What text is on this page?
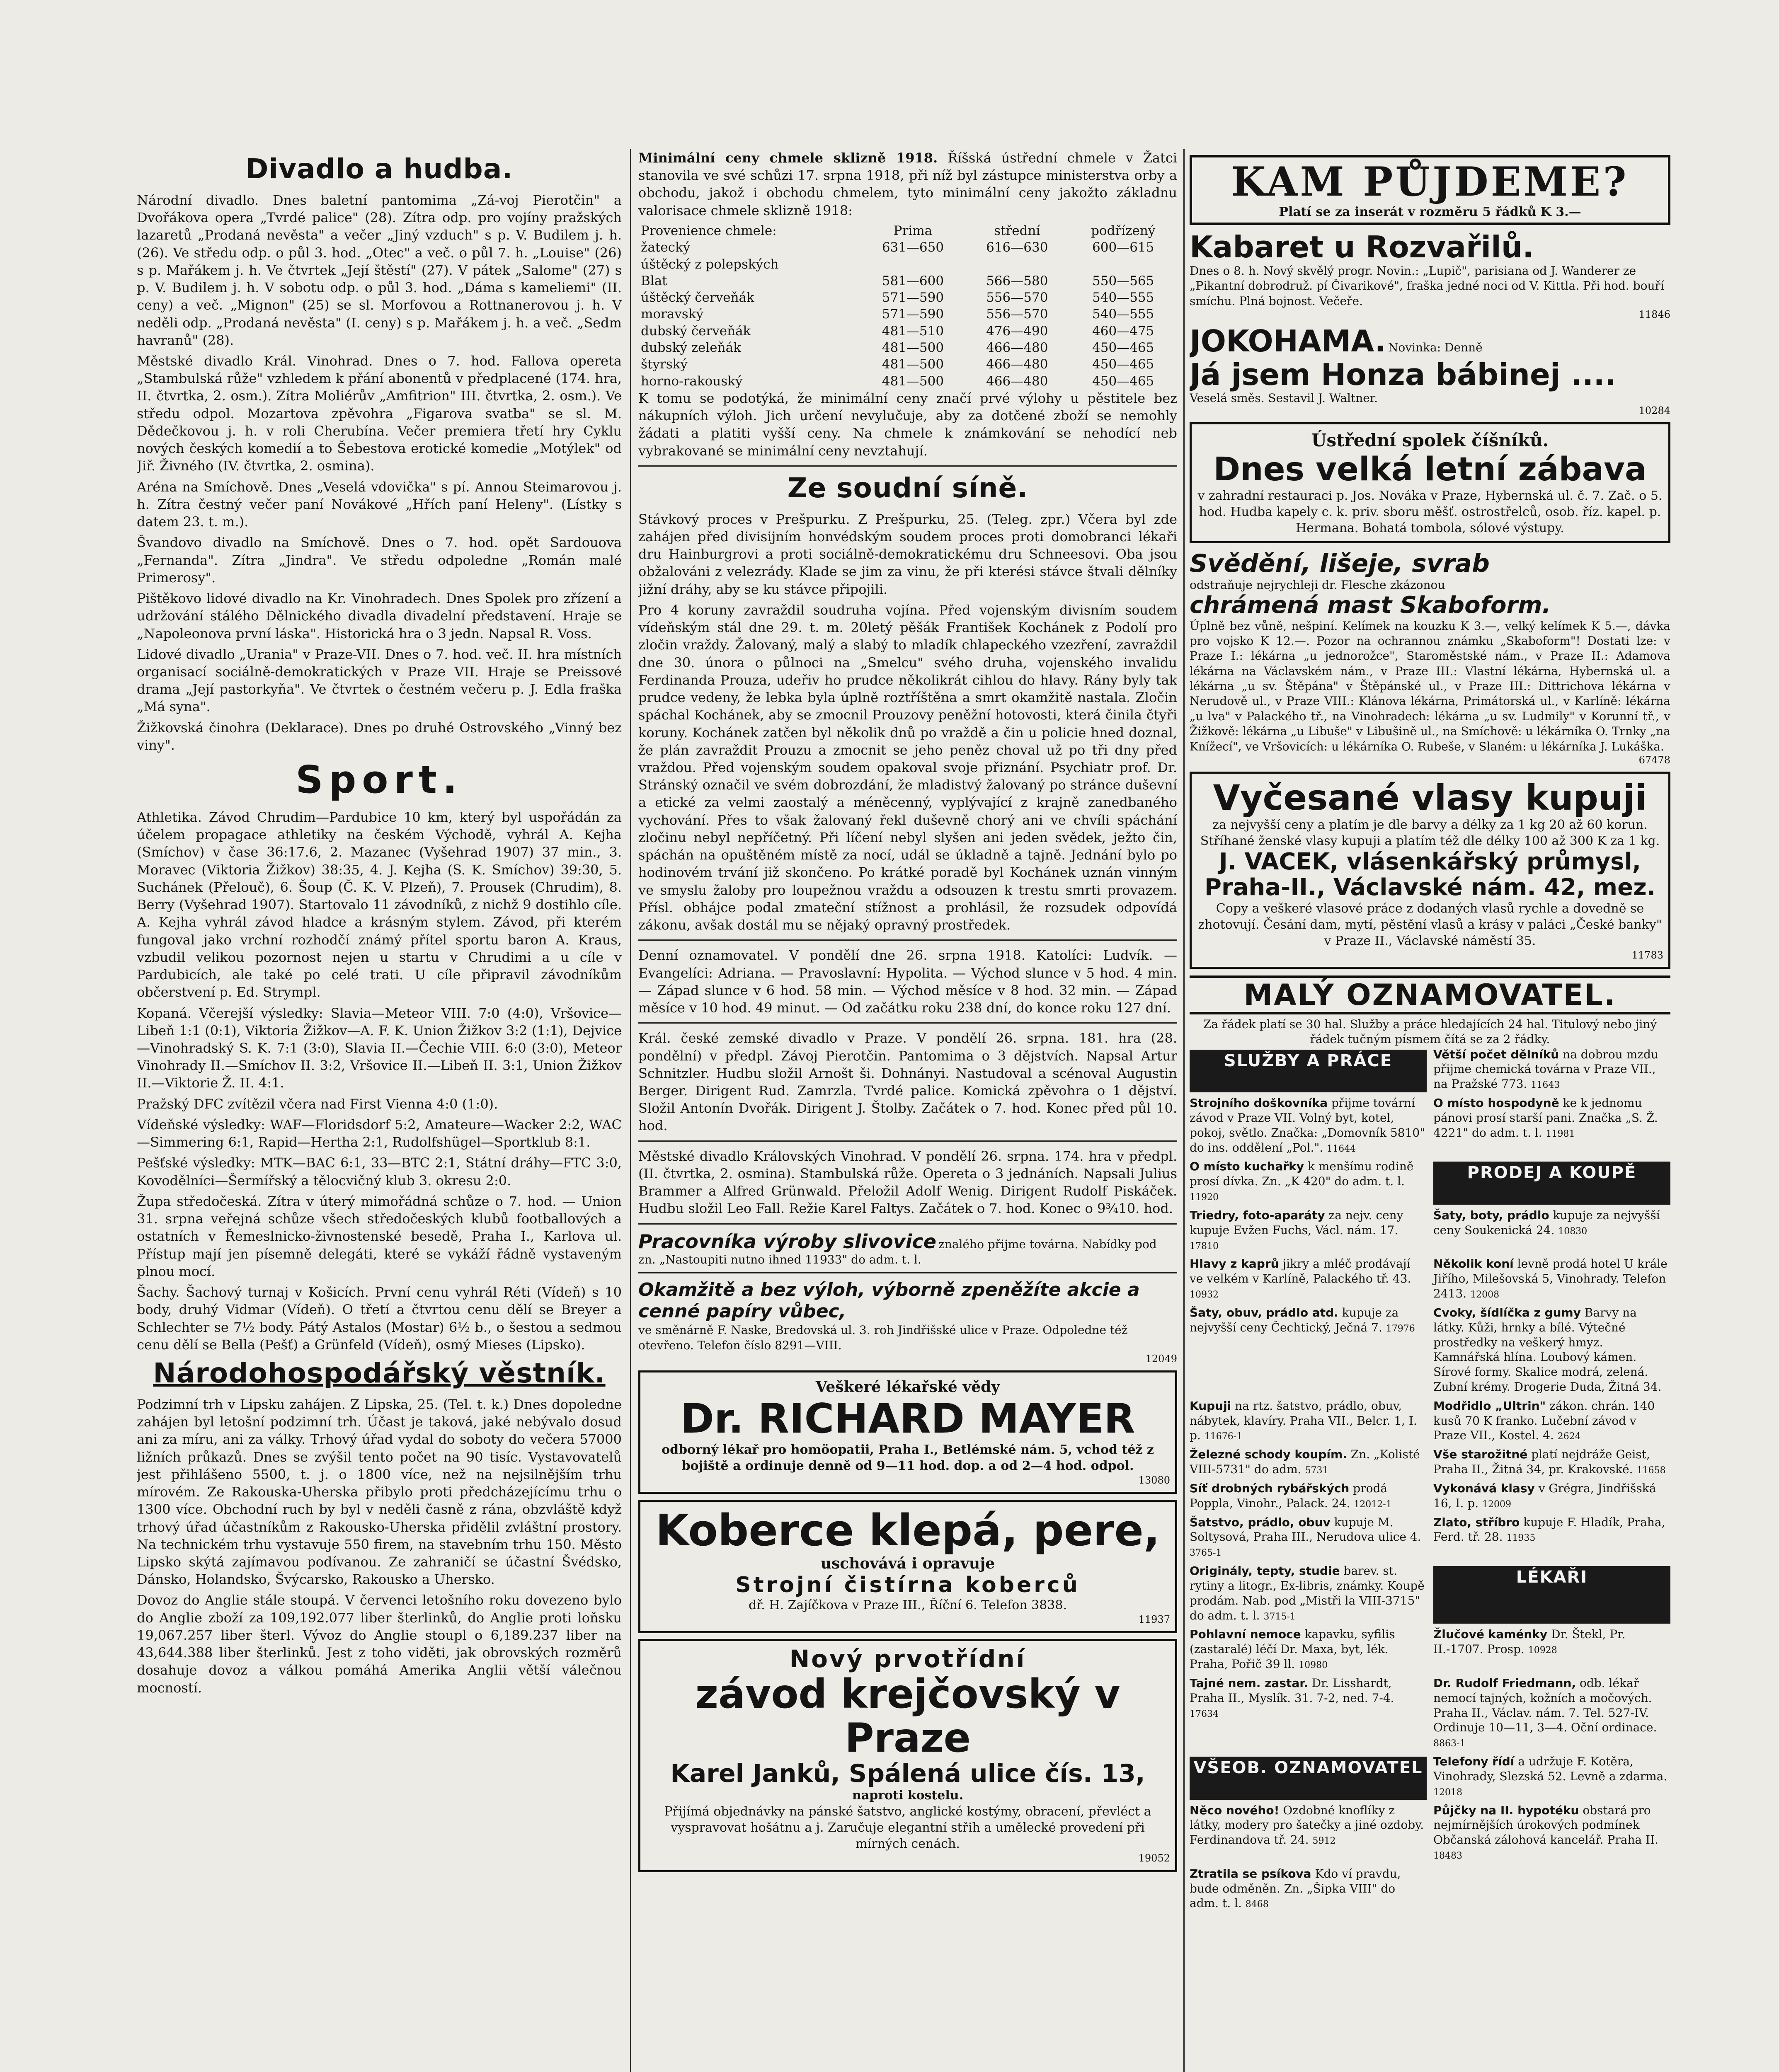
Divadlo a hudba.

Národní divadlo. Dnes baletní pantomima „Zá-voj Pierotčin" a Dvořákova opera „Tvrdé palice" (28). Zítra odp. pro vojíny pražských lazaretů „Prodaná nevěsta" a večer „Jiný vzduch" s p. V. Budilem j. h. (26). Ve středu odp. o půl 3. hod. „Otec" a več. o půl 7. h. „Louise" (26) s p. Mařákem j. h. Ve čtvrtek „Její štěstí" (27). V pátek „Salome" (27) s p. V. Budilem j. h. V sobotu odp. o půl 3. hod. „Dáma s kameliemi" (II. ceny) a več. „Mignon" (25) se sl. Morfovou a Rottnanerovou j. h. V neděli odp. „Prodaná nevěsta" (I. ceny) s p. Mařákem j. h. a več. „Sedm havranů" (28).

Městské divadlo Král. Vinohrad. Dnes o 7. hod. Fallova opereta „Stambulská růže" vzhledem k přání abonentů v předplacené (174. hra, II. čtvrtka, 2. osm.). Zítra Moliérův „Amfitrion" III. čtvrtka, 2. osm.). Ve středu odpol. Mozartova zpěvohra „Figarova svatba" se sl. M. Dědečkovou j. h. v roli Cherubína. Večer premiera třetí hry Cyklu nových českých komedií a to Šebestova erotické komedie „Motýlek" od Jiř. Živného (IV. čtvrtka, 2. osmina).

Aréna na Smíchově. Dnes „Veselá vdovička" s pí. Annou Steimarovou j. h. Zítra čestný večer paní Novákové „Hřích paní Heleny". (Lístky s datem 23. t. m.).

Švandovo divadlo na Smíchově. Dnes o 7. hod. opět Sardouova „Fernanda". Zítra „Jindra". Ve středu odpoledne „Román malé Primerosy".

Pištěkovo lidové divadlo na Kr. Vinohradech. Dnes Spolek pro zřízení a udržování stálého Dělnického divadla divadelní představení. Hraje se „Napoleonova první láska". Historická hra o 3 jedn. Napsal R. Voss.

Lidové divadlo „Urania" v Praze-VII. Dnes o 7. hod. več. II. hra místních organisací sociálně-demokratických v Praze VII. Hraje se Preissové drama „Její pastorkyňa". Ve čtvrtek o čestném večeru p. J. Edla fraška „Má syna".

Žižkovská činohra (Deklarace). Dnes po druhé Ostrovského „Vinný bez viny".

Sport.

Athletika. Závod Chrudim—Pardubice 10 km, který byl uspořádán za účelem propagace athletiky na českém Východě, vyhrál A. Kejha (Smíchov) v čase 36:17.6, 2. Mazanec (Vyšehrad 1907) 37 min., 3. Moravec (Viktoria Žižkov) 38:35, 4. J. Kejha (S. K. Smíchov) 39:30, 5. Suchánek (Přelouč), 6. Šoup (Č. K. V. Plzeň), 7. Prousek (Chrudim), 8. Berry (Vyšehrad 1907). Startovalo 11 závodníků, z nichž 9 dostihlo cíle. A. Kejha vyhrál závod hladce a krásným stylem. Závod, při kterém fungoval jako vrchní rozhodčí známý přítel sportu baron A. Kraus, vzbudil velikou pozornost nejen u startu v Chrudimi a u cíle v Pardubicích, ale také po celé trati. U cíle připravil závodníkům občerstvení p. Ed. Strympl.

Kopaná. Včerejší výsledky: Slavia—Meteor VIII. 7:0 (4:0), Vršovice—Libeň 1:1 (0:1), Viktoria Žižkov—A. F. K. Union Žižkov 3:2 (1:1), Dejvice—Vinohradský S. K. 7:1 (3:0), Slavia II.—Čechie VIII. 6:0 (3:0), Meteor Vinohrady II.—Smíchov II. 3:2, Vršovice II.—Libeň II. 3:1, Union Žižkov II.—Viktorie Ž. II. 4:1.

Pražský DFC zvítězil včera nad First Vienna 4:0 (1:0).

Vídeňské výsledky: WAF—Floridsdorf 5:2, Amateure—Wacker 2:2, WAC—Simmering 6:1, Rapid—Hertha 2:1, Rudolfshügel—Sportklub 8:1.

Pešťské výsledky: MTK—BAC 6:1, 33—BTC 2:1, Státní dráhy—FTC 3:0, Kovodělníci—Šermířský a tělocvičný klub 3. okresu 2:0.

Župa středočeská. Zítra v úterý mimořádná schůze o 7. hod. — Union 31. srpna veřejná schůze všech středočeských klubů footballových a ostatních v Řemeslnicko-živnostenské besedě, Praha I., Karlova ul. Přístup mají jen písemně delegáti, které se vykáží řádně vystaveným plnou mocí.

Šachy. Šachový turnaj v Košicích. První cenu vyhrál Réti (Vídeň) s 10 body, druhý Vidmar (Vídeň). O třetí a čtvrtou cenu dělí se Breyer a Schlechter se 7½ body. Pátý Astalos (Mostar) 6½ b., o šestou a sedmou cenu dělí se Bella (Pešť) a Grünfeld (Vídeň), osmý Mieses (Lipsko).

Národohospodářský věstník.

Podzimní trh v Lipsku zahájen. Z Lipska, 25. (Tel. t. k.) Dnes dopoledne zahájen byl letošní podzimní trh. Účast je taková, jaké nebývalo dosud ani za míru, ani za války. Trhový úřad vydal do soboty do večera 57000 ližních průkazů. Dnes se zvýšil tento počet na 90 tisíc. Vystavovatelů jest přihlášeno 5500, t. j. o 1800 více, než na nejsilnějším trhu mírovém. Ze Rakouska-Uherska přibylo proti předcházejícímu trhu o 1300 více. Obchodní ruch by byl v neděli časně z rána, obzvláště když trhový úřad účastníkům z Rakousko-Uherska přidělil zvláštní prostory. Na technickém trhu vystavuje 550 firem, na stavebním trhu 150. Město Lipsko skýtá zajímavou podívanou. Ze zahraničí se účastní Švédsko, Dánsko, Holandsko, Švýcarsko, Rakousko a Uhersko.

Dovoz do Anglie stále stoupá. V červenci letošního roku dovezeno bylo do Anglie zboží za 109,192.077 liber šterlinků, do Anglie proti loňsku 19,067.257 liber šterl. Vývoz do Anglie stoupl o 6,189.237 liber na 43,644.388 liber šterlinků. Jest z toho viděti, jak obrovských rozměrů dosahuje dovoz a válkou pomáhá Amerika Anglii větší válečnou mocností.

Minimální ceny chmele sklizně 1918. Říšská ústřední chmele v Žatci stanovila ve své schůzi 17. srpna 1918, při níž byl zástupce ministerstva orby a obchodu, jakož i obchodu chmelem, tyto minimální ceny jakožto základnu valorisace chmele sklizně 1918:

Provenience chmele:	Prima	střední	podřízený
žatecký	631—650	616—630	600—615
úštěcký z polepských			
Blat	581—600	566—580	550—565
úštěcký červeňák	571—590	556—570	540—555
moravský	571—590	556—570	540—555
dubský červeňák	481—510	476—490	460—475
dubský zeleňák	481—500	466—480	450—465
štyrský	481—500	466—480	450—465
horno-rakouský	481—500	466—480	450—465

K tomu se podotýká, že minimální ceny značí prvé výlohy u pěstitele bez nákupních výloh. Jich určení nevylučuje, aby za dotčené zboží se nemohly žádati a platiti vyšší ceny. Na chmele k známkování se nehodící neb vybrakované se minimální ceny nevztahují.

Ze soudní síně.

Stávkový proces v Prešpurku. Z Prešpurku, 25. (Teleg. zpr.) Včera byl zde zahájen před divisijním honvédským soudem proces proti domobranci lékaři dru Hainburgrovi a proti sociálně-demokratickému dru Schneesovi. Oba jsou obžalováni z velezrády. Klade se jim za vinu, že při kterési stávce štvali dělníky jižní dráhy, aby se ku stávce připojili.

Pro 4 koruny zavraždil soudruha vojína. Před vojenským divisním soudem vídeňským stál dne 29. t. m. 20letý pěšák František Kochánek z Podolí pro zločin vraždy. Žalovaný, malý a slabý to mladík chlapeckého vzezření, zavraždil dne 30. února o půlnoci na „Smelcu" svého druha, vojenského invalidu Ferdinanda Prouza, udeřiv ho prudce několikrát cihlou do hlavy. Rány byly tak prudce vedeny, že lebka byla úplně roztříštěna a smrt okamžitě nastala. Zločin spáchal Kochánek, aby se zmocnil Prouzovy peněžní hotovosti, která činila čtyři koruny. Kochánek zatčen byl několik dnů po vraždě a čin u policie hned doznal, že plán zavraždit Prouzu a zmocnit se jeho peněz choval už po tři dny před vraždou. Před vojenským soudem opakoval svoje přiznání. Psychiatr prof. Dr. Stránský označil ve svém dobrozdání, že mladistvý žalovaný po stránce duševní a etické za velmi zaostalý a méněcenný, vyplývající z krajně zanedbaného vychování. Přes to však žalovaný řekl duševně chorý ani ve chvíli spáchání zločinu nebyl nepříčetný. Při líčení nebyl slyšen ani jeden svědek, ježto čin, spáchán na opuštěném místě za nocí, udál se úkladně a tajně. Jednání bylo po hodinovém trvání již skončeno. Po krátké poradě byl Kochánek uznán vinným ve smyslu žaloby pro loupežnou vraždu a odsouzen k trestu smrti provazem. Přísl. obhájce podal zmateční stížnost a prohlásil, že rozsudek odpovídá zákonu, avšak dostál mu se nějaký opravný prostředek.

Denní oznamovatel. V pondělí dne 26. srpna 1918. Katolíci: Ludvík. — Evangelíci: Adriana. — Pravoslavní: Hypolita. — Východ slunce v 5 hod. 4 min. — Západ slunce v 6 hod. 58 min. — Východ měsíce v 8 hod. 32 min. — Západ měsíce v 10 hod. 49 minut. — Od začátku roku 238 dní, do konce roku 127 dní.

Král. české zemské divadlo v Praze. V pondělí 26. srpna. 181. hra (28. pondělní) v předpl. Závoj Pierotčin. Pantomima o 3 dějstvích. Napsal Artur Schnitzler. Hudbu složil Arnošt ši. Dohnányi. Nastudoval a scénoval Augustin Berger. Dirigent Rud. Zamrzla. Tvrdé palice. Komická zpěvohra o 1 dějství. Složil Antonín Dvořák. Dirigent J. Štolby. Začátek o 7. hod. Konec před půl 10. hod.

Městské divadlo Královských Vinohrad. V pondělí 26. srpna. 174. hra v předpl. (II. čtvrtka, 2. osmina). Stambulská růže. Opereta o 3 jednáních. Napsali Julius Brammer a Alfred Grünwald. Přeložil Adolf Wenig. Dirigent Rudolf Piskáček. Hudbu složil Leo Fall. Režie Karel Faltys. Začátek o 7. hod. Konec o 9¾10. hod.

Pracovníka výroby slivovice znalého přijme továrna. Nabídky pod zn. „Nastoupiti nutno ihned 11933" do adm. t. l.
Okamžitě a bez výloh, výborně zpeněžíte akcie a cenné papíry vůbec,
ve směnárně F. Naske, Bredovská ul. 3. roh Jindřišské ulice v Praze. Odpoledne též otevřeno. Telefon číslo 8291—VIII.
12049
Veškeré lékařské vědy
Dr. RICHARD MAYER
odborný lékař pro homöopatii, Praha I., Betlémské nám. 5, vchod též z bojiště a ordinuje denně od 9—11 hod. dop. a od 2—4 hod. odpol.
13080
Koberce klepá, pere,
uschovává i opravuje
Strojní čistírna koberců
dř. H. Zajíčkova v Praze III., Říční 6. Telefon 3838.
11937
Nový prvotřídní
závod krejčovský v Praze
Karel Janků, Spálená ulice čís. 13,
naproti kostelu.
Přijímá objednávky na pánské šatstvo, anglické kostýmy, obracení, převléct a vyspravovat hošátnu a j. Zaručuje elegantní střih a umělecké provedení při mírných cenách.
19052
KAM PŮJDEME?
Platí se za inserát v rozměru 5 řádků K 3.—
Kabaret u Rozvařilů.
Dnes o 8. h. Nový skvělý progr. Novin.: „Lupič", parisiana od J. Wanderer ze „Pikantní dobrodruž. pí Čivarikové", fraška jedné noci od V. Kittla. Při hod. bouří smíchu. Plná bojnost. Večeře.
11846
JOKOHAMA. Novinka: Denně
Já jsem Honza bábinej ....
Veselá směs. Sestavil J. Waltner.
10284
Ústřední spolek číšníků.
Dnes velká letní zábava
v zahradní restauraci p. Jos. Nováka v Praze, Hybernská ul. č. 7. Zač. o 5. hod. Hudba kapely c. k. priv. sboru měšť. ostrostřelců, osob. říz. kapel. p. Hermana. Bohatá tombola, sólové výstupy.
Svědění, lišeje, svrab
odstraňuje nejrychleji dr. Flesche zkázonou
chrámená mast Skaboform.
Úplně bez vůně, nešpiní. Kelímek na kouzku K 3.—, velký kelímek K 5.—, dávka pro vojsko K 12.—. Pozor na ochrannou známku „Skaboform"! Dostati lze: v Praze I.: lékárna „u jednorožce", Staroměstské nám., v Praze II.: Adamova lékárna na Václavském nám., v Praze III.: Vlastní lékárna, Hybernská ul. a lékárna „u sv. Štěpána" v Štěpánské ul., v Praze III.: Dittrichova lékárna v Nerudově ul., v Praze VIII.: Klánova lékárna, Primátorská ul., v Karlíně: lékárna „u lva" v Palackého tř., na Vinohradech: lékárna „u sv. Ludmily" v Korunní tř., v Žižkově: lékárna „u Libuše" v Libušině ul., na Smíchově: u lékárníka O. Trnky „na Knížecí", ve Vršovicích: u lékárníka O. Rubeše, v Slaném: u lékárníka J. Lukáška.
67478
Vyčesané vlasy kupuji
za nejvyšší ceny a platím je dle barvy a délky za 1 kg 20 až 60 korun. Stříhané ženské vlasy kupuji a platím též dle délky 100 až 300 K za 1 kg.
J. VACEK, vlásenkářský průmysl,
Praha-II., Václavské nám. 42, mez.
Copy a veškeré vlasové práce z dodaných vlasů rychle a dovedně se zhotovují. Česání dam, mytí, pěstění vlasů a krásy v paláci „České banky" v Praze II., Václavské náměstí 35.
11783
MALÝ OZNAMOVATEL.
Za řádek platí se 30 hal. Služby a práce hledajících 24 hal. Titulový nebo jiný řádek tučným písmem čítá se za 2 řádky.
SLUŽBY A PRÁCE	Větší počet dělníků na dobrou mzdu přijme chemická továrna v Praze VII., na Pražské 773. 11643
Strojního doškovníka přijme tovární závod v Praze VII. Volný byt, kotel, pokoj, světlo. Značka: „Domovník 5810" do ins. oddělení „Pol.". 11644
O místo hospodyně ke k jednomu pánovi prosí starší pani. Značka „S. Ž. 4221" do adm. t. l. 11981
O místo kuchařky k menšímu rodině prosí dívka. Zn. „K 420" do adm. t. l. 11920
PRODEJ A KOUPĚ
Triedry, foto-aparáty za nejv. ceny kupuje Evžen Fuchs, Václ. nám. 17. 17810
Šaty, boty, prádlo kupuje za nejvyšší ceny Soukenická 24. 10830
Hlavy z kaprů jikry a mléč prodávají ve velkém v Karlíně, Palackého tř. 43. 10932
Několik koní levně prodá hotel U krále Jiřího, Milešovská 5, Vinohrady. Telefon 2413. 12008
Šaty, obuv, prádlo atd. kupuje za nejvyšší ceny Čechtický, Ječná 7. 17976
Cvoky, šídlíčka z gumy Barvy na látky. Kůži, hrnky a bílé. Výtečné prostředky na veškerý hmyz. Kamnářská hlína. Loubový kámen. Sírové formy. Skalice modrá, zelená. Zubní krémy. Drogerie Duda, Žitná 34.
Kupuji na rtz. šatstvo, prádlo, obuv, nábytek, klavíry. Praha VII., Belcr. 1, I. p. 11676-1
Modřidlo „Ultrin" zákon. chrán. 140 kusů 70 K franko. Lučební závod v Praze VII., Kostel. 4. 2624
Železné schody koupím. Zn. „Kolisté VIII-5731" do adm. 5731
Vše starožitné platí nejdráže Geist, Praha II., Žitná 34, pr. Krakovské. 11658
Síť drobných rybářských prodá Poppla, Vinohr., Palack. 24. 12012-1
Vykonává klasy v Grégra, Jindřišská 16, I. p. 12009
Šatstvo, prádlo, obuv kupuje M. Soltysová, Praha III., Nerudova ulice 4. 3765-1
Zlato, stříbro kupuje F. Hladík, Praha, Ferd. tř. 28. 11935
Originály, tepty, studie barev. st. rytiny a litogr., Ex-libris, známky. Koupě prodám. Nab. pod „Mistři la VIII-3715" do adm. t. l. 3715-1
LÉKAŘI
Pohlavní nemoce kapavku, syfilis (zastaralé) léčí Dr. Maxa, byt, lék. Praha, Pořič 39 ll. 10980
Žlučové kaménky Dr. Štekl, Pr. II.-1707. Prosp. 10928
Tajné nem. zastar. Dr. Lisshardt, Praha II., Myslík. 31. 7-2, ned. 7-4. 17634
Dr. Rudolf Friedmann, odb. lékař nemocí tajných, kožních a močových. Praha II., Václav. nám. 7. Tel. 527-IV. Ordinuje 10—11, 3—4. Oční ordinace. 8863-1
VŠEOB. OZNAMOVATEL Telefony řídí a udržuje F. Kotěra, Vinohrady, Slezská 52. Levně a zdarma. 12018
Něco nového! Ozdobné knoflíky z látky, modery pro šatečky a jiné ozdoby. Ferdinandova tř. 24. 5912
Půjčky na II. hypotéku obstará pro nejmírnějších úrokových podmínek Občanská zálohová kancelář. Praha II. 18483
Ztratila se psíkova Kdo ví pravdu, bude odměněn. Zn. „Šipka VIII" do adm. t. l. 8468
